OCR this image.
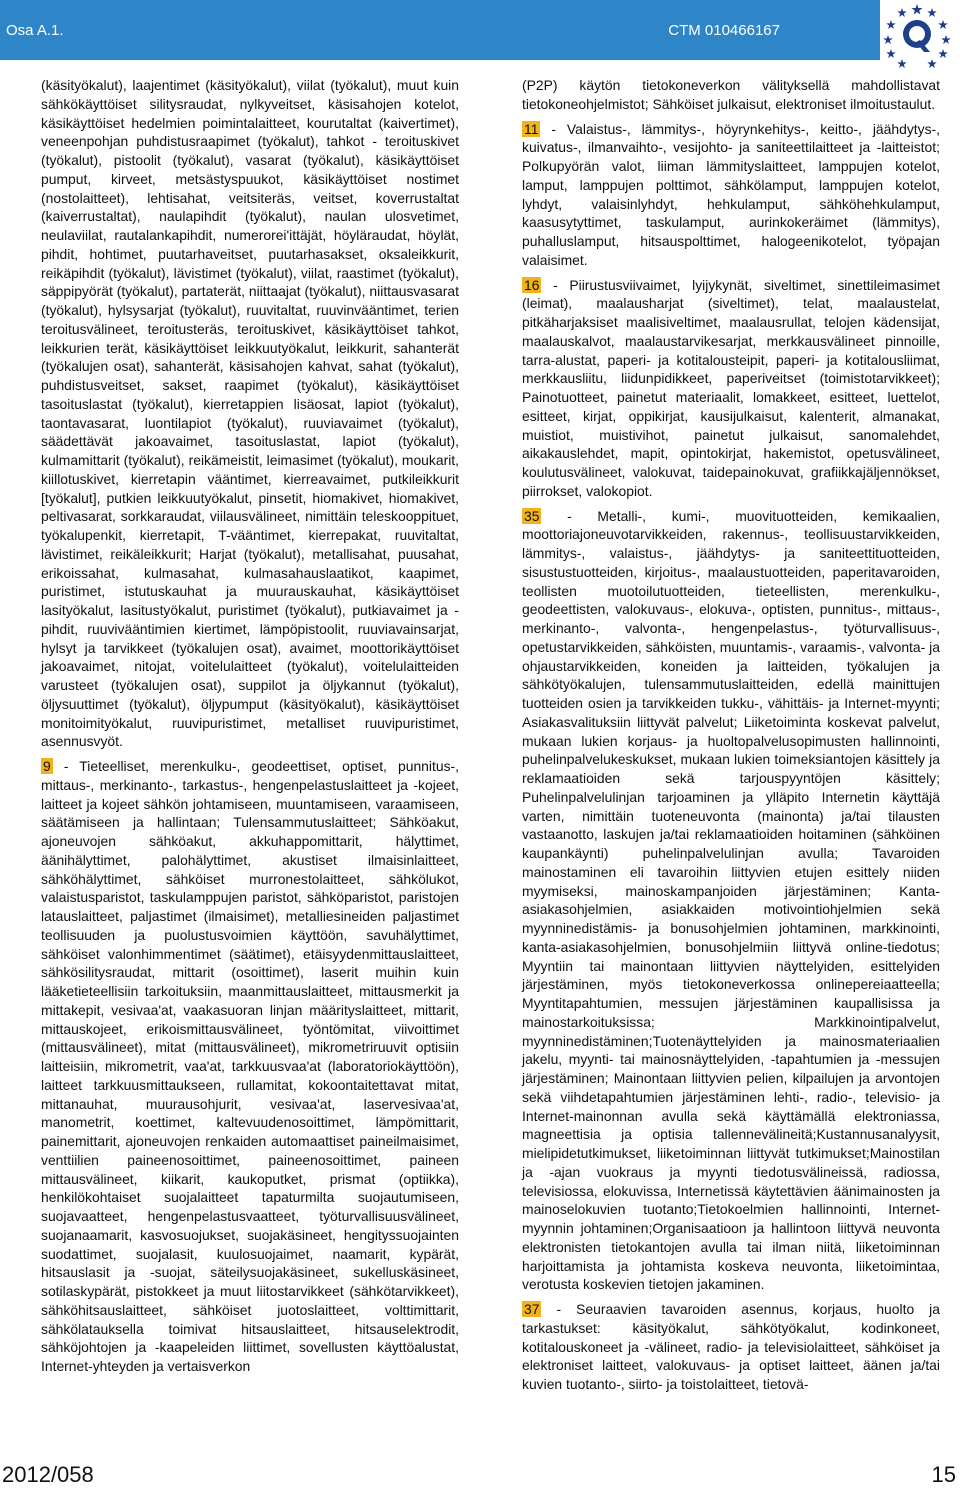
Osa A.1.	CTM 010466167

(käsityökalut), laajentimet (käsityökalut), viilat (työkalut), muut kuin sähkökäyttöiset silitysraudat, nylkyveitset, käsisahojen kotelot, käsikäyttöiset hedelmien poimintalaitteet, kourutaltat (kaivertimet), veneenpohjan puhdistusraapimet (työkalut), tahkot - teroituskivet (työkalut), pistoolit (työkalut), vasarat (työkalut), käsikäyttöiset pumput, kirveet, metsästyspuukot, käsikäyttöiset nostimet (nostolaitteet), lehtisahat, veitsiteräs, veitset, koverrustaltat (kaiverrustaltat), naulapihdit (työkalut), naulan ulosvetimet, neulaviilat, rautalankapihdit, numerorei'ittäjät, höyläraudat, höylät, pihdit, hohtimet, puutarhaveitset, puutarhasakset, oksaleikkurit, reikäpihdit (työkalut), lävistimet (työkalut), viilat, raastimet (työkalut), säppipyörät (työkalut), partaterät, niittaajat (työkalut), niittausvasarat (työkalut), hylsysarjat (työkalut), ruuvitaltat, ruuvinvääntimet, terien teroitusvälineet, teroitusteräs, teroituskivet, käsikäyttöiset tahkot, leikkurien terät, käsikäyttöiset leikkuutyökalut, leikkurit, sahanterät (työkalujen osat), sahanterät, käsisahojen kahvat, sahat (työkalut), puhdistusveitset, sakset, raapimet (työkalut), käsikäyttöiset tasoituslastat (työkalut), kierretappien lisäosat, lapiot (työkalut), taontavasarat, luontilapiot (työkalut), ruuviavaimet (työkalut), säädettävät jakoavaimet, tasoituslastat, lapiot (työkalut), kulmamittarit (työkalut), reikämeistit, leimasimet (työkalut), moukarit, kiillotuskivet, kierretapin vääntimet, kierreavaimet, putkileikkurit [työkalut], putkien leikkuutyökalut, pinsetit, hiomakivet, hiomakivet, peltivasarat, sorkkaraudat, viilausvälineet, nimittäin teleskooppituet, työkalupenkit, kierretapit, T-vääntimet, kierrepakat, ruuvitaltat, lävistimet, reikäleikkurit; Harjat (työkalut), metallisahat, puusahat, erikoissahat, kulmasahat, kulmasahauslaatikot, kaapimet, puristimet, istutuskauhat ja muurauskauhat, käsikäyttöiset lasityökalut, lasitustyökalut, puristimet (työkalut), putkiavaimet ja -pihdit, ruuvivääntimien kiertimet, lämpöpistoolit, ruuviavainsarjat, hylsyt ja tarvikkeet (työkalujen osat), avaimet, moottorikäyttöiset jakoavaimet, nitojat, voitelulaitteet (työkalut), voitelulaitteiden varusteet (työkalujen osat), suppilot ja öljykannut (työkalut), öljysuuttimet (työkalut), öljypumput (käsityökalut), käsikäyttöiset monitoimityökalut, ruuvipuristimet, metalliset ruuvipuristimet, asennusvyöt.

9 - Tieteelliset, merenkulku-, geodeettiset, optiset, punnitus-, mittaus-, merkinanto-, tarkastus-, hengenpelastuslaitteet ja -kojeet, laitteet ja kojeet sähkön johtamiseen, muuntamiseen, varaamiseen, säätämiseen ja hallintaan; Tulensammutuslaitteet; Sähköakut, ajoneuvojen sähköakut, akkuhappomittarit, hälyttimet, äänihälyttimet, palohälyttimet, akustiset ilmaisinlaitteet, sähköhälyttimet, sähköiset murronestolaitteet, sähkölukot, valaistusparistot, taskulamppujen paristot, sähköparistot, paristojen latauslaitteet, paljastimet (ilmaisimet), metalliesineiden paljastimet teollisuuden ja puolustusvoimien käyttöön, savuhälyttimet, sähköiset valonhimmentimet (säätimet), etäisyydenmittauslaitteet, sähkösilitysraudat, mittarit (osoittimet), laserit muihin kuin lääketieteellisiin tarkoituksiin, maanmittauslaitteet, mittausmerkit ja mittakepit, vesivaa'at, vaakasuoran linjan määrityslaitteet, mittarit, mittauskojeet, erikoismittausvälineet, työntömitat, viivoittimet (mittausvälineet), mitat (mittausvälineet), mikrometriruuvit optisiin laitteisiin, mikrometrit, vaa'at, tarkkuusvaa'at (laboratoriokäyttöön), laitteet tarkkuusmittaukseen, rullamitat, kokoontaitettavat mitat, mittanauhat, muurausohjurit, vesivaa'at, laservesivaa'at, manometrit, koettimet, kaltevuudenosoittimet, lämpömittarit, painemittarit, ajoneuvojen renkaiden automaattiset paineilmaisimet, venttiilien paineenosoittimet, paineenosoittimet, paineen mittausvälineet, kiikarit, kaukoputket, prismat (optiikka), henkilökohtaiset suojalaitteet tapaturmilta suojautumiseen, suojavaatteet, hengenpelastusvaatteet, työturvallisuusvälineet, suojanaamarit, kasvosuojukset, suojakäsineet, hengityssuojainten suodattimet, suojalasit, kuulosuojaimet, naamarit, kypärät, hitsauslasit ja -suojat, säteilysuojakäsineet, sukelluskäsineet, sotilaskypärät, pistokkeet ja muut liitostarvikkeet (sähkötarvikkeet), sähköhitsauslaitteet, sähköiset juotoslaitteet, volttimittarit, sähkölatauksella toimivat hitsauslaitteet, hitsauselektrodit, sähköjohtojen ja -kaapeleiden liittimet, sovellusten käyttöalustat, Internet-yhteyden ja vertaisverkon

(P2P) käytön tietokoneverkon välityksellä mahdollistavat tietokoneohjelmistot; Sähköiset julkaisut, elektroniset ilmoitustaulut.

11 - Valaistus-, lämmitys-, höyrynkehitys-, keitto-, jäähdytys-, kuivatus-, ilmanvaihto-, vesijohto- ja saniteettilaitteet ja -laitteistot; Polkupyörän valot, liiman lämmityslaitteet, lamppujen kotelot, lamput, lamppujen polttimot, sähkölamput, lamppujen kotelot, lyhdyt, valaisinlyhdyt, hehkulamput, sähköhehkulamput, kaasusytyttimet, taskulamput, aurinkokeräimet (lämmitys), puhalluslamput, hitsauspolttimet, halogeenikotelot, työpajan valaisimet.

16 - Piirustusviivaimet, lyijykynät, siveltimet, sinettileimasimet (leimat), maalausharjat (siveltimet), telat, maalaustelat, pitkäharjaksiset maalisiveltimet, maalausrullat, telojen kädensijat, maalauskalvot, maalaustarvikesarjat, merkkausvälineet pinnoille, tarra-alustat, paperi- ja kotitalousteipit, paperi- ja kotitalousliimat, merkkausliitu, liidunpidikkeet, paperiveitset (toimistotarvikkeet); Painotuotteet, painetut materiaalit, lomakkeet, esitteet, luettelot, esitteet, kirjat, oppikirjat, kausijulkaisut, kalenterit, almanakat, muistiot, muistivihot, painetut julkaisut, sanomalehdet, aikakauslehdet, mapit, opintokirjat, hakemistot, opetusvälineet, koulutusvälineet, valokuvat, taidepainokuvat, grafiikkajäljennökset, piirrokset, valokopiot.

35 - Metalli-, kumi-, muovituotteiden, kemikaalien, moottoriajoneuvotarvikkeiden, rakennus-, teollisuustarvikkeiden, lämmitys-, valaistus-, jäähdytys- ja saniteettituotteiden, sisustustuotteiden, kirjoitus-, maalaustuotteiden, paperitavaroiden, teollisten muotoilutuotteiden, tieteellisten, merenkulku-, geodeettisten, valokuvaus-, elokuva-, optisten, punnitus-, mittaus-, merkinanto-, valvonta-, hengenpelastus-, työturvallisuus-, opetustarvikkeiden, sähköisten, muuntamis-, varaamis-, valvonta- ja ohjaustarvikkeiden, koneiden ja laitteiden, työkalujen ja sähkötyökalujen, tulensammutuslaitteiden, edellä mainittujen tuotteiden osien ja tarvikkeiden tukku-, vähittäis- ja Internet-myynti; Asiakasvalituksiin liittyvät palvelut; Liiketoiminta koskevat palvelut, mukaan lukien korjaus- ja huoltopalvelusopimusten hallinnointi, puhelinpalvelukeskukset, mukaan lukien toimeksiantojen käsittely ja reklamaatioiden sekä tarjouspyyntöjen käsittely; Puhelinpalvelulinjan tarjoaminen ja ylläpito Internetin käyttäjä varten, nimittäin tuoteneuvonta (mainonta) ja/tai tilausten vastaanotto, laskujen ja/tai reklamaatioiden hoitaminen (sähköinen kaupankäynti) puhelinpalvelulinjan avulla; Tavaroiden mainostaminen eli tavaroihin liittyvien etujen esittely niiden myymiseksi, mainoskampanjoiden järjestäminen; Kanta-asiakasohjelmien, asiakkaiden motivointiohjelmien sekä myynninedistämis- ja bonusohjelmien johtaminen, markkinointi, kanta-asiakasohjelmien, bonusohjelmiin liittyvä online-tiedotus; Myyntiin tai mainontaan liittyvien näyttelyiden, esittelyiden järjestäminen, myös tietokoneverkossa onlinepereiaatteella; Myyntitapahtumien, messujen järjestäminen kaupallisissa ja mainostarkoituksissa; Markkinointipalvelut, myynninedistäminen;Tuotenäyttelyiden ja mainosmateriaalien jakelu, myynti- tai mainosnäyttelyiden, -tapahtumien ja -messujen järjestäminen; Mainontaan liittyvien pelien, kilpailujen ja arvontojen sekä viihdetapahtumien järjestäminen lehti-, radio-, televisio- ja Internet-mainonnan avulla sekä käyttämällä elektroniassa, magneettisia ja optisia tallennevälineitä;Kustannusanalyysit, mielipidetutkimukset, liiketoiminnan liittyvät tutkimukset;Mainostilan ja -ajan vuokraus ja myynti tiedotusvälineissä, radiossa, televisiossa, elokuvissa, Internetissä käytettävien äänimainosten ja mainoselokuvien tuotanto;Tietokoelmien hallinnointi, Internet-myynnin johtaminen;Organisaatioon ja hallintoon liittyvä neuvonta elektronisten tietokantojen avulla tai ilman niitä, liiketoiminnan harjoittamista ja johtamista koskeva neuvonta, liiketoimintaa, verotusta koskevien tietojen jakaminen.

37 - Seuraavien tavaroiden asennus, korjaus, huolto ja tarkastukset: käsityökalut, sähkötyökalut, kodinkoneet, kotitalouskoneet ja -välineet, radio- ja televisiolaitteet, sähköiset ja elektroniset laitteet, valokuvaus- ja optiset laitteet, äänen ja/tai kuvien tuotanto-, siirto- ja toistolaitteet, tietovä-

2012/058	15
